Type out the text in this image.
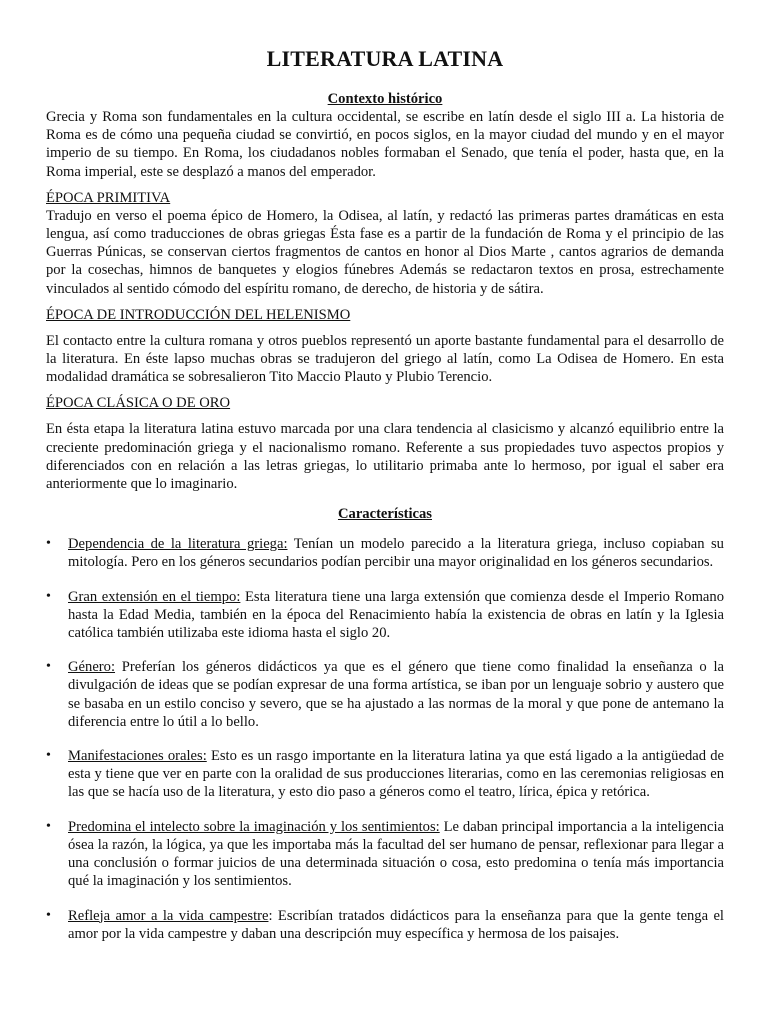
LITERATURA LATINA

Contexto histórico

Grecia y Roma son fundamentales en la cultura occidental, se escribe en latín desde el siglo III a. La historia de Roma es de cómo una pequeña ciudad se convirtió, en pocos siglos, en la mayor ciudad del mundo y en el mayor imperio de su tiempo. En Roma, los ciudadanos nobles formaban el Senado, que tenía el poder, hasta que, en la Roma imperial, este se desplazó a manos del emperador.

ÉPOCA PRIMITIVA

Tradujo en verso el poema épico de Homero, la Odisea, al latín, y redactó las primeras partes dramáticas en esta lengua, así como traducciones de obras griegas Ésta fase es a partir de la fundación de Roma y el principio de las Guerras Púnicas, se conservan ciertos fragmentos de cantos en honor al Dios Marte , cantos agrarios de demanda por la cosechas, himnos de banquetes y elogios fúnebres Además se redactaron textos en prosa, estrechamente vinculados al sentido cómodo del espíritu romano, de derecho, de historia y de sátira.

ÉPOCA DE INTRODUCCIÓN DEL HELENISMO

El contacto entre la cultura romana y otros pueblos representó un aporte bastante fundamental para el desarrollo de la literatura. En éste lapso muchas obras se tradujeron del griego al latín, como La Odisea de Homero. En esta modalidad dramática se sobresalieron Tito Maccio Plauto y Plubio Terencio.

ÉPOCA CLÁSICA O DE ORO

En ésta etapa la literatura latina estuvo marcada por una clara tendencia al clasicismo y alcanzó equilibrio entre la creciente predominación griega y el nacionalismo romano. Referente a sus propiedades tuvo aspectos propios y diferenciados con en relación a las letras griegas, lo utilitario primaba ante lo hermoso, por igual el saber era anteriormente que lo imaginario.

Características

•	Dependencia de la literatura griega: Tenían un modelo parecido a la literatura griega, incluso copiaban su mitología. Pero en los géneros secundarios podían percibir una mayor originalidad en los géneros secundarios.
•	Gran extensión en el tiempo: Esta literatura tiene una larga extensión que comienza desde el Imperio Romano hasta la Edad Media, también en la época del Renacimiento había la existencia de obras en latín y la Iglesia católica también utilizaba este idioma hasta el siglo 20.
•	Género: Preferían los géneros didácticos ya que es el género que tiene como finalidad la enseñanza o la divulgación de ideas que se podían expresar de una forma artística, se iban por un lenguaje sobrio y austero que se basaba en un estilo conciso y severo, que se ha ajustado a las normas de la moral y que pone de antemano la diferencia entre lo útil a lo bello.
•	Manifestaciones orales: Esto es un rasgo importante en la literatura latina ya que está ligado a la antigüedad de esta y tiene que ver en parte con la oralidad de sus producciones literarias, como en las ceremonias religiosas en las que se hacía uso de la literatura, y esto dio paso a géneros como el teatro, lírica, épica y retórica.
•	Predomina el intelecto sobre la imaginación y los sentimientos: Le daban principal importancia a la inteligencia ósea la razón, la lógica, ya que les importaba más la facultad del ser humano de pensar, reflexionar para llegar a una conclusión o formar juicios de una determinada situación o cosa, esto predomina o tenía más importancia qué la imaginación y los sentimientos.
•	Refleja amor a la vida campestre: Escribían tratados didácticos para la enseñanza para que la gente tenga el amor por la vida campestre y daban una descripción muy específica y hermosa de los paisajes.
